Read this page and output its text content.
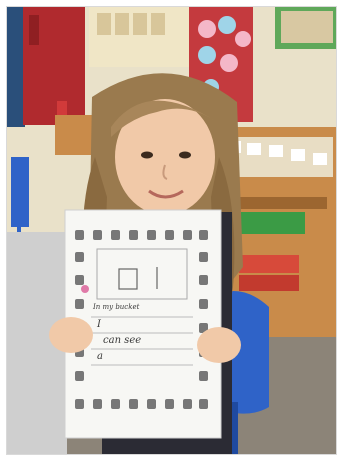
In my bucket
I
can see
a
